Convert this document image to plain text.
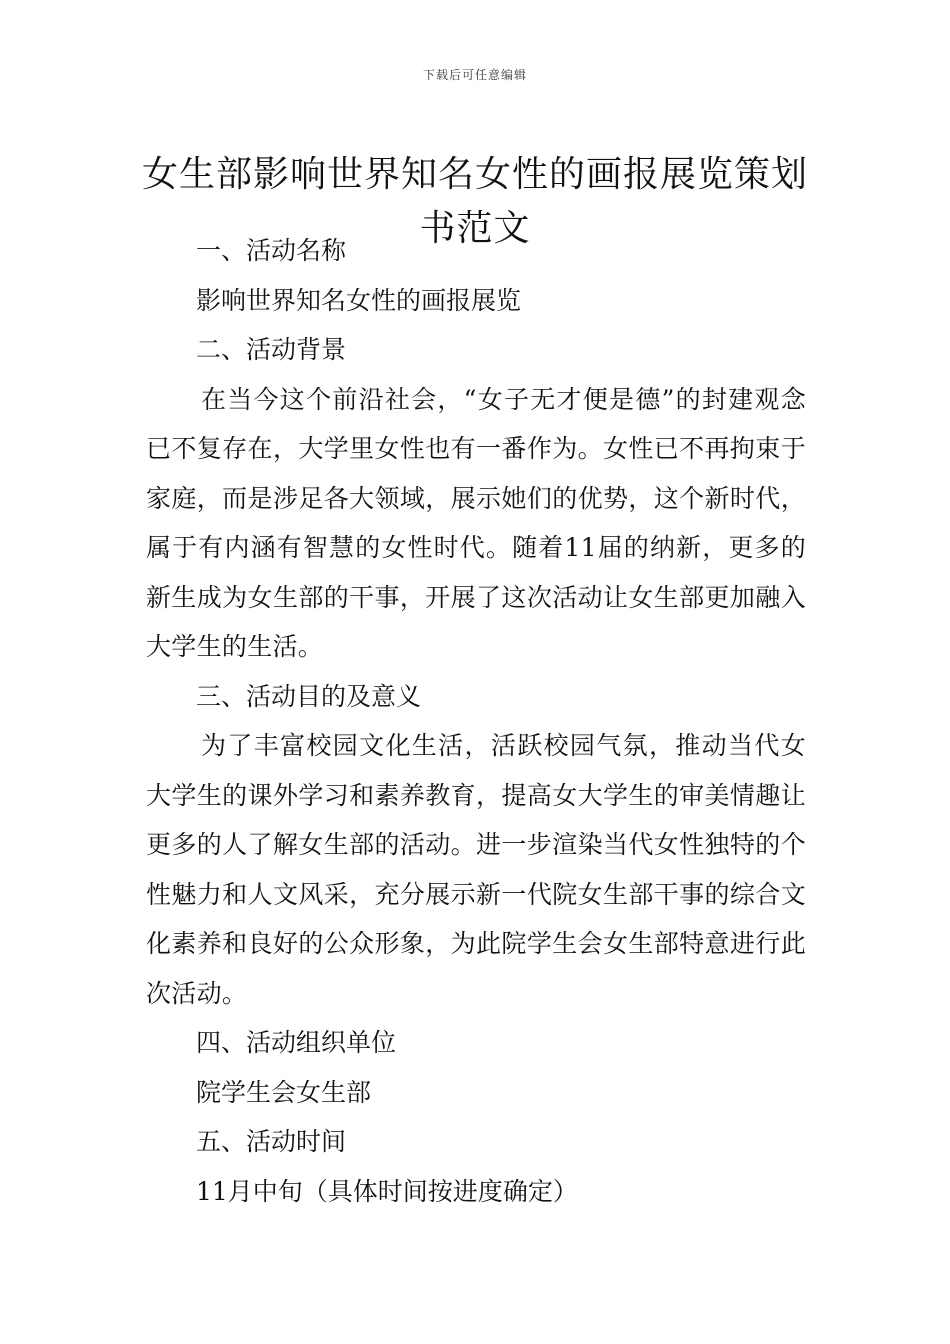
下载后可任意编辑
女生部影响世界知名女性的画报展览策划书范文

一、活动名称

影响世界知名女性的画报展览

二、活动背景

在当今这个前沿社会，“女子无才便是德”的封建观念已不复存在，大学里女性也有一番作为。女性已不再拘束于家庭，而是涉足各大领域，展示她们的优势，这个新时代，属于有内涵有智慧的女性时代。随着11届的纳新，更多的新生成为女生部的干事，开展了这次活动让女生部更加融入大学生的生活。

三、活动目的及意义

为了丰富校园文化生活，活跃校园气氛，推动当代女大学生的课外学习和素养教育，提高女大学生的审美情趣让更多的人了解女生部的活动。进一步渲染当代女性独特的个性魅力和人文风采，充分展示新一代院女生部干事的综合文化素养和良好的公众形象，为此院学生会女生部特意进行此次活动。

四、活动组织单位

院学生会女生部

五、活动时间

11月中旬（具体时间按进度确定）
